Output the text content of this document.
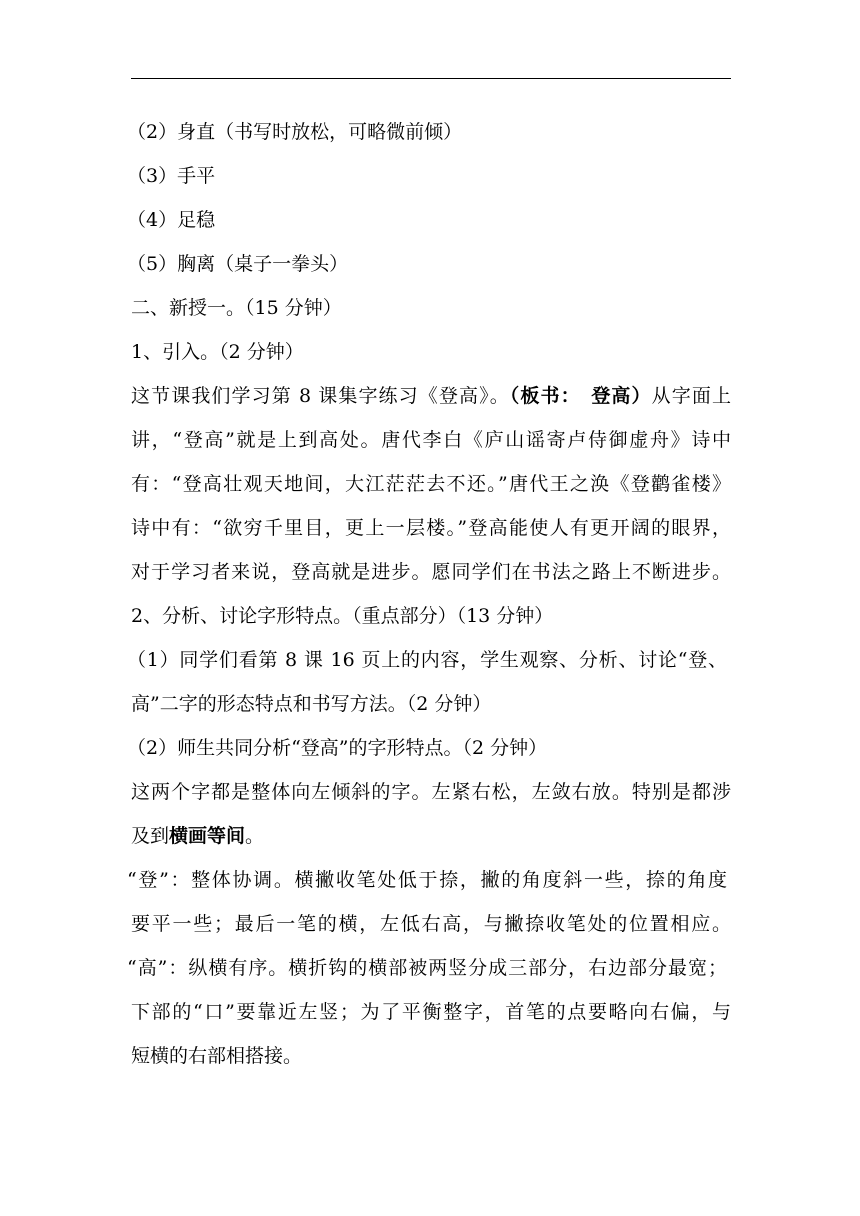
（2）身直（书写时放松，可略微前倾）
（3）手平
（4）足稳
（5）胸离（桌子一拳头）
二、新授一。（15 分钟）
1、引入。（2 分钟）
这节课我们学习第 8 课集字练习《登高》。（板书：　登高）从字面上
讲，“登高”就是上到高处。唐代李白《庐山谣寄卢侍御虚舟》诗中
有：“登高壮观天地间，大江茫茫去不还。”唐代王之涣《登鹳雀楼》
诗中有：“欲穷千里目，更上一层楼。”登高能使人有更开阔的眼界，
对于学习者来说，登高就是进步。愿同学们在书法之路上不断进步。
2、分析、讨论字形特点。（重点部分）（13 分钟）
（1）同学们看第 8 课 16 页上的内容，学生观察、分析、讨论“登、
高”二字的形态特点和书写方法。（2 分钟）
（2）师生共同分析“登高”的字形特点。（2 分钟）
这两个字都是整体向左倾斜的字。左紧右松，左敛右放。特别是都涉
及到横画等间。
“登”：整体协调。横撇收笔处低于捺，撇的角度斜一些，捺的角度
要平一些；最后一笔的横，左低右高，与撇捺收笔处的位置相应。
“高”：纵横有序。横折钩的横部被两竖分成三部分，右边部分最宽；
下部的“口”要靠近左竖；为了平衡整字，首笔的点要略向右偏，与
短横的右部相搭接。
